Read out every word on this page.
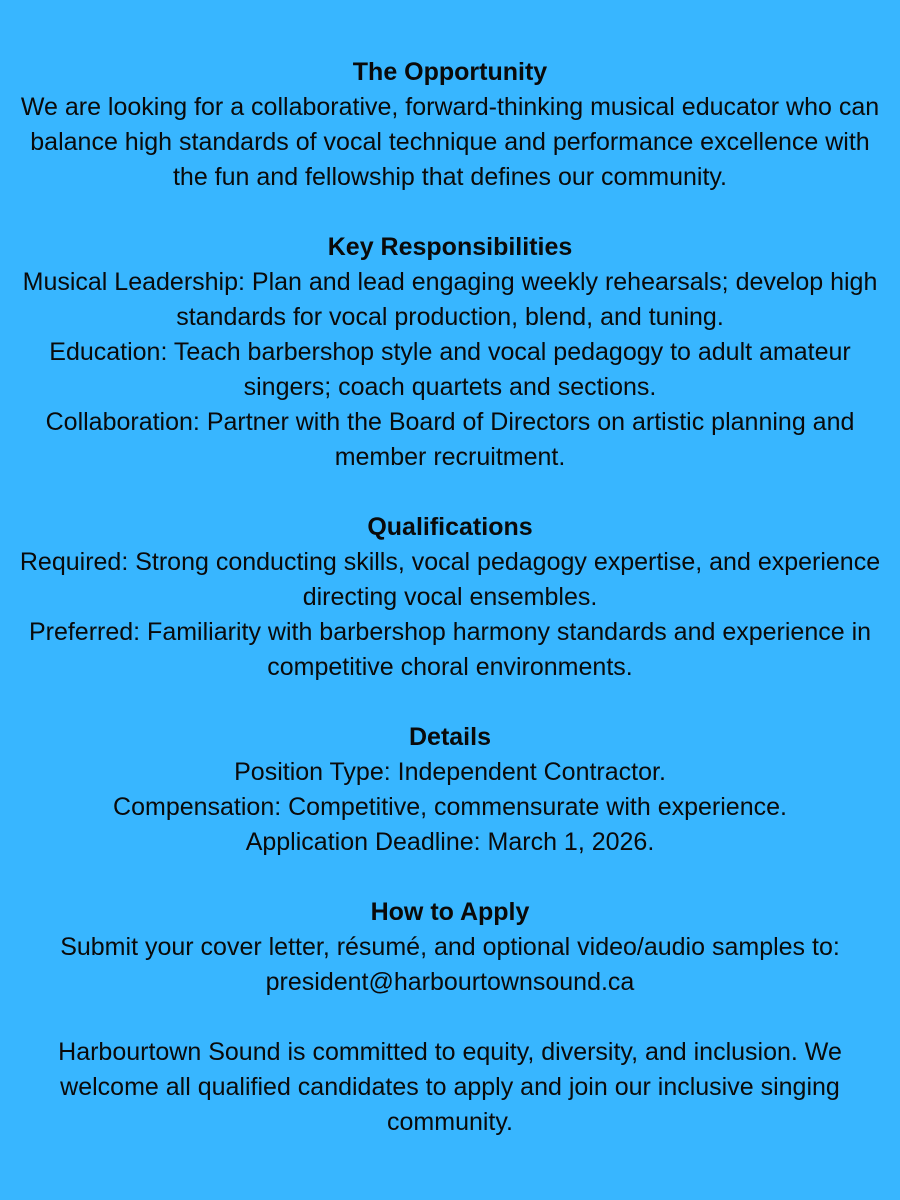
The Opportunity

We are looking for a collaborative, forward-thinking musical educator who can balance high standards of vocal technique and performance excellence with the fun and fellowship that defines our community.

Key Responsibilities

Musical Leadership: Plan and lead engaging weekly rehearsals; develop high standards for vocal production, blend, and tuning.

Education: Teach barbershop style and vocal pedagogy to adult amateur singers; coach quartets and sections.

Collaboration: Partner with the Board of Directors on artistic planning and member recruitment.

Qualifications

Required: Strong conducting skills, vocal pedagogy expertise, and experience directing vocal ensembles.

Preferred: Familiarity with barbershop harmony standards and experience in competitive choral environments.

Details

Position Type: Independent Contractor.

Compensation: Competitive, commensurate with experience.

Application Deadline: March 1, 2026.

How to Apply

Submit your cover letter, résumé, and optional video/audio samples to:

president@harbourtownsound.ca

Harbourtown Sound is committed to equity, diversity, and inclusion. We welcome all qualified candidates to apply and join our inclusive singing community.
